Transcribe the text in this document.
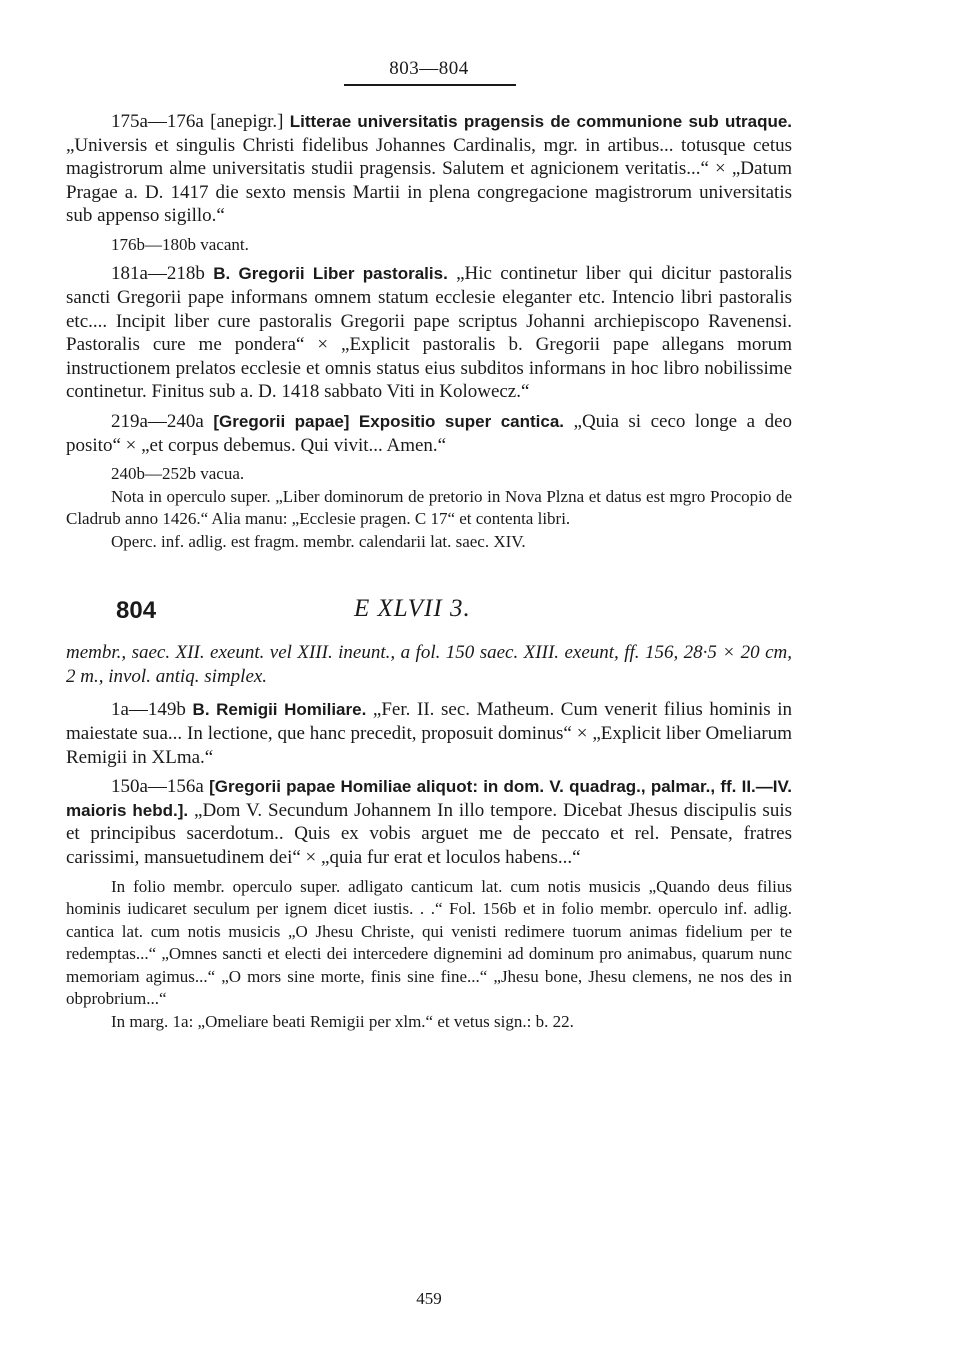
803—804

175a—176a [anepigr.] Litterae universitatis pragensis de communione sub utraque. „Universis et singulis Christi fidelibus Johannes Cardinalis, mgr. in artibus... totusque cetus magistrorum alme universitatis studii pragensis. Salutem et agnicionem veritatis...“ × „Datum Pragae a. D. 1417 die sexto mensis Martii in plena congregacione magistrorum universitatis sub appenso sigillo.“

176b—180b vacant.

181a—218b B. Gregorii Liber pastoralis. „Hic continetur liber qui dicitur pastoralis sancti Gregorii pape informans omnem statum ecclesie eleganter etc. Intencio libri pastoralis etc.... Incipit liber cure pastoralis Gregorii pape scriptus Johanni archiepiscopo Ravenensi. Pastoralis cure me pondera“ × „Explicit pastoralis b. Gregorii pape allegans morum instructionem prelatos ecclesie et omnis status eius subditos informans in hoc libro nobilissime continetur. Finitus sub a. D. 1418 sabbato Viti in Kolowecz.“

219a—240a [Gregorii papae] Expositio super cantica. „Quia si ceco longe a deo posito“ × „et corpus debemus. Qui vivit... Amen.“

240b—252b vacua.

Nota in operculo super. „Liber dominorum de pretorio in Nova Plzna et datus est mgro Procopio de Cladrub anno 1426.“ Alia manu: „Ecclesie pragen. C 17“ et contenta libri.

Operc. inf. adlig. est fragm. membr. calendarii lat. saec. XIV.

804	E XLVII 3.

membr., saec. XII. exeunt. vel XIII. ineunt., a fol. 150 saec. XIII. exeunt, ff. 156, 28·5 × 20 cm, 2 m., invol. antiq. simplex.

1a—149b B. Remigii Homiliare. „Fer. II. sec. Matheum. Cum venerit filius hominis in maiestate sua... In lectione, que hanc precedit, proposuit dominus“ × „Explicit liber Omeliarum Remigii in XLma.“

150a—156a [Gregorii papae Homiliae aliquot: in dom. V. quadrag., palmar., ff. II.—IV. maioris hebd.]. „Dom V. Secundum Johannem In illo tempore. Dicebat Jhesus discipulis suis et principibus sacerdotum.. Quis ex vobis arguet me de peccato et rel. Pensate, fratres carissimi, mansuetudinem dei“ × „quia fur erat et loculos habens...“

In folio membr. operculo super. adligato canticum lat. cum notis musicis „Quando deus filius hominis iudicaret seculum per ignem dicet iustis. . .“ Fol. 156b et in folio membr. operculo inf. adlig. cantica lat. cum notis musicis „O Jhesu Christe, qui venisti redimere tuorum animas fidelium per te redemptas...“ „Omnes sancti et electi dei intercedere dignemini ad dominum pro animabus, quarum nunc memoriam agimus...“ „O mors sine morte, finis sine fine...“ „Jhesu bone, Jhesu clemens, ne nos des in obprobrium...“

In marg. 1a: „Omeliare beati Remigii per xlm.“ et vetus sign.: b. 22.

459
